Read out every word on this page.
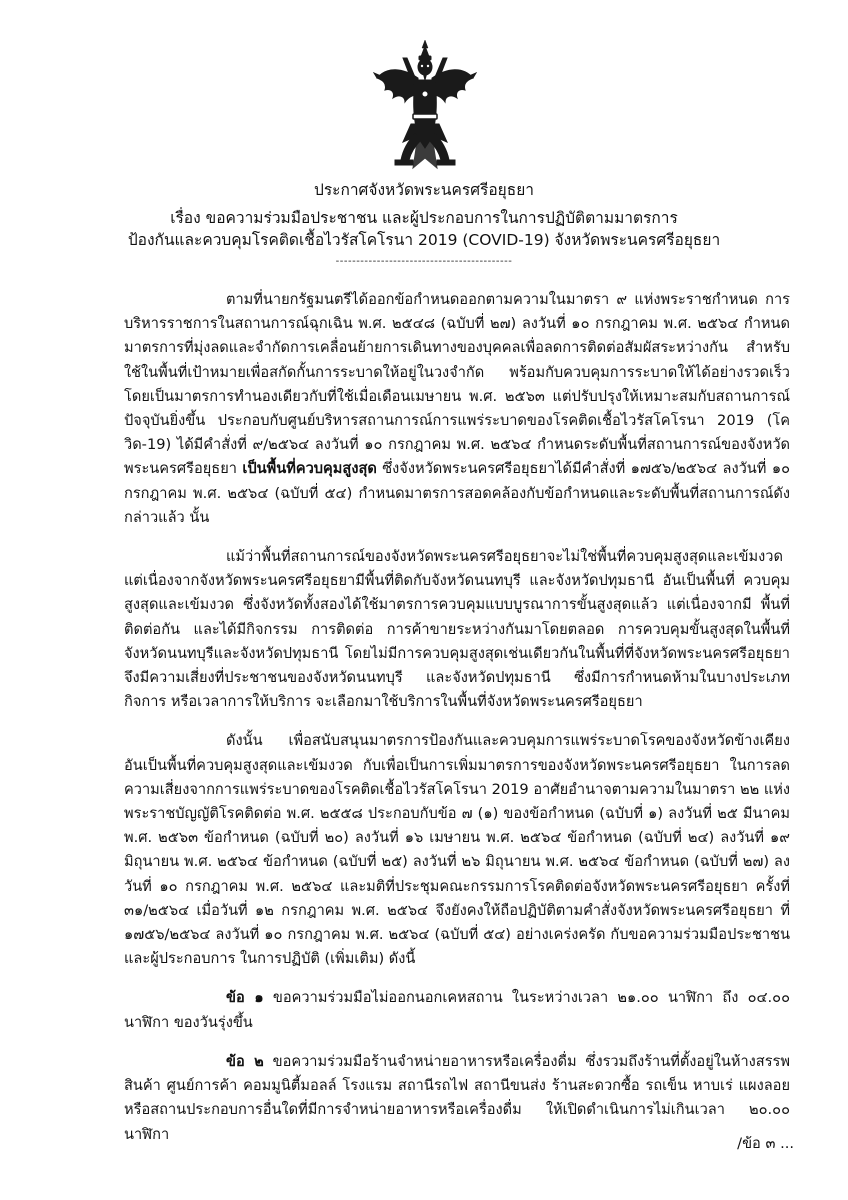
ประกาศจังหวัดพระนครศรีอยุธยา
เรื่อง ขอความร่วมมือประชาชน และผู้ประกอบการในการปฏิบัติตามมาตรการ
ป้องกันและควบคุมโรคติดเชื้อไวรัสโคโรนา 2019 (COVID-19) จังหวัดพระนครศรีอยุธยา
-------------------------------------------

ตามที่นายกรัฐมนตรีได้ออกข้อกำหนดออกตามความในมาตรา ๙ แห่งพระราชกำหนด การบริหารราชการในสถานการณ์ฉุกเฉิน พ.ศ. ๒๕๔๘ (ฉบับที่ ๒๗) ลงวันที่ ๑๐ กรกฎาคม พ.ศ. ๒๕๖๔ กำหนดมาตรการที่มุ่งลดและจำกัดการเคลื่อนย้ายการเดินทางของบุคคลเพื่อลดการติดต่อสัมผัสระหว่างกัน สำหรับใช้ในพื้นที่เป้าหมายเพื่อสกัดกั้นการระบาดให้อยู่ในวงจำกัด พร้อมกับควบคุมการระบาดให้ได้อย่างรวดเร็ว โดยเป็นมาตรการทำนองเดียวกับที่ใช้เมื่อเดือนเมษายน พ.ศ. ๒๕๖๓ แต่ปรับปรุงให้เหมาะสมกับสถานการณ์ปัจจุบันยิ่งขึ้น ประกอบกับศูนย์บริหารสถานการณ์การแพร่ระบาดของโรคติดเชื้อไวรัสโคโรนา 2019 (โควิด-19) ได้มีคำสั่งที่ ๙/๒๕๖๔ ลงวันที่ ๑๐ กรกฎาคม พ.ศ. ๒๕๖๔ กำหนดระดับพื้นที่สถานการณ์ของจังหวัดพระนครศรีอยุธยา เป็นพื้นที่ควบคุมสูงสุด ซึ่งจังหวัดพระนครศรีอยุธยาได้มีคำสั่งที่ ๑๗๕๖/๒๕๖๔ ลงวันที่ ๑๐ กรกฎาคม พ.ศ. ๒๕๖๔ (ฉบับที่ ๕๔) กำหนดมาตรการสอดคล้องกับข้อกำหนดและระดับพื้นที่สถานการณ์ดังกล่าวแล้ว นั้น

แม้ว่าพื้นที่สถานการณ์ของจังหวัดพระนครศรีอยุธยาจะไม่ใช่พื้นที่ควบคุมสูงสุดและเข้มงวด แต่เนื่องจากจังหวัดพระนครศรีอยุธยามีพื้นที่ติดกับจังหวัดนนทบุรี และจังหวัดปทุมธานี อันเป็นพื้นที่ ควบคุมสูงสุดและเข้มงวด ซึ่งจังหวัดทั้งสองได้ใช้มาตรการควบคุมแบบบูรณาการขั้นสูงสุดแล้ว แต่เนื่องจากมี พื้นที่ติดต่อกัน และได้มีกิจกรรม การติดต่อ การค้าขายระหว่างกันมาโดยตลอด การควบคุมขั้นสูงสุดในพื้นที่ จังหวัดนนทบุรีและจังหวัดปทุมธานี โดยไม่มีการควบคุมสูงสุดเช่นเดียวกันในพื้นที่ที่จังหวัดพระนครศรีอยุธยา จึงมีความเสี่ยงที่ประชาชนของจังหวัดนนทบุรี และจังหวัดปทุมธานี ซึ่งมีการกำหนดห้ามในบางประเภทกิจการ หรือเวลาการให้บริการ จะเลือกมาใช้บริการในพื้นที่จังหวัดพระนครศรีอยุธยา

ดังนั้น เพื่อสนับสนุนมาตรการป้องกันและควบคุมการแพร่ระบาดโรคของจังหวัดข้างเคียง อันเป็นพื้นที่ควบคุมสูงสุดและเข้มงวด กับเพื่อเป็นการเพิ่มมาตรการของจังหวัดพระนครศรีอยุธยา ในการลดความเสี่ยงจากการแพร่ระบาดของโรคติดเชื้อไวรัสโคโรนา 2019 อาศัยอำนาจตามความในมาตรา ๒๒ แห่งพระราชบัญญัติโรคติดต่อ พ.ศ. ๒๕๕๘ ประกอบกับข้อ ๗ (๑) ของข้อกำหนด (ฉบับที่ ๑) ลงวันที่ ๒๕ มีนาคม พ.ศ. ๒๕๖๓ ข้อกำหนด (ฉบับที่ ๒๐) ลงวันที่ ๑๖ เมษายน พ.ศ. ๒๕๖๔ ข้อกำหนด (ฉบับที่ ๒๔) ลงวันที่ ๑๙ มิถุนายน พ.ศ. ๒๕๖๔ ข้อกำหนด (ฉบับที่ ๒๕) ลงวันที่ ๒๖ มิถุนายน พ.ศ. ๒๕๖๔ ข้อกำหนด (ฉบับที่ ๒๗) ลงวันที่ ๑๐ กรกฎาคม พ.ศ. ๒๕๖๔ และมติที่ประชุมคณะกรรมการโรคติดต่อจังหวัดพระนครศรีอยุธยา ครั้งที่ ๓๑/๒๕๖๔ เมื่อวันที่ ๑๒ กรกฎาคม พ.ศ. ๒๕๖๔ จึงยังคงให้ถือปฏิบัติตามคำสั่งจังหวัดพระนครศรีอยุธยา ที่ ๑๗๕๖/๒๕๖๔ ลงวันที่ ๑๐ กรกฎาคม พ.ศ. ๒๕๖๔ (ฉบับที่ ๕๔) อย่างเคร่งครัด กับขอความร่วมมือประชาชน และผู้ประกอบการ ในการปฏิบัติ (เพิ่มเติม) ดังนี้

ข้อ ๑ ขอความร่วมมือไม่ออกนอกเคหสถาน ในระหว่างเวลา ๒๑.๐๐ นาฬิกา ถึง ๐๔.๐๐ นาฬิกา ของวันรุ่งขึ้น

ข้อ ๒ ขอความร่วมมือร้านจำหน่ายอาหารหรือเครื่องดื่ม ซึ่งรวมถึงร้านที่ตั้งอยู่ในห้างสรรพสินค้า ศูนย์การค้า คอมมูนิตี้มอลล์ โรงแรม สถานีรถไฟ สถานีขนส่ง ร้านสะดวกซื้อ รถเข็น หาบเร่ แผงลอย หรือสถานประกอบการอื่นใดที่มีการจำหน่ายอาหารหรือเครื่องดื่ม ให้เปิดดำเนินการไม่เกินเวลา ๒๐.๐๐ นาฬิกา

/ข้อ ๓ ...
